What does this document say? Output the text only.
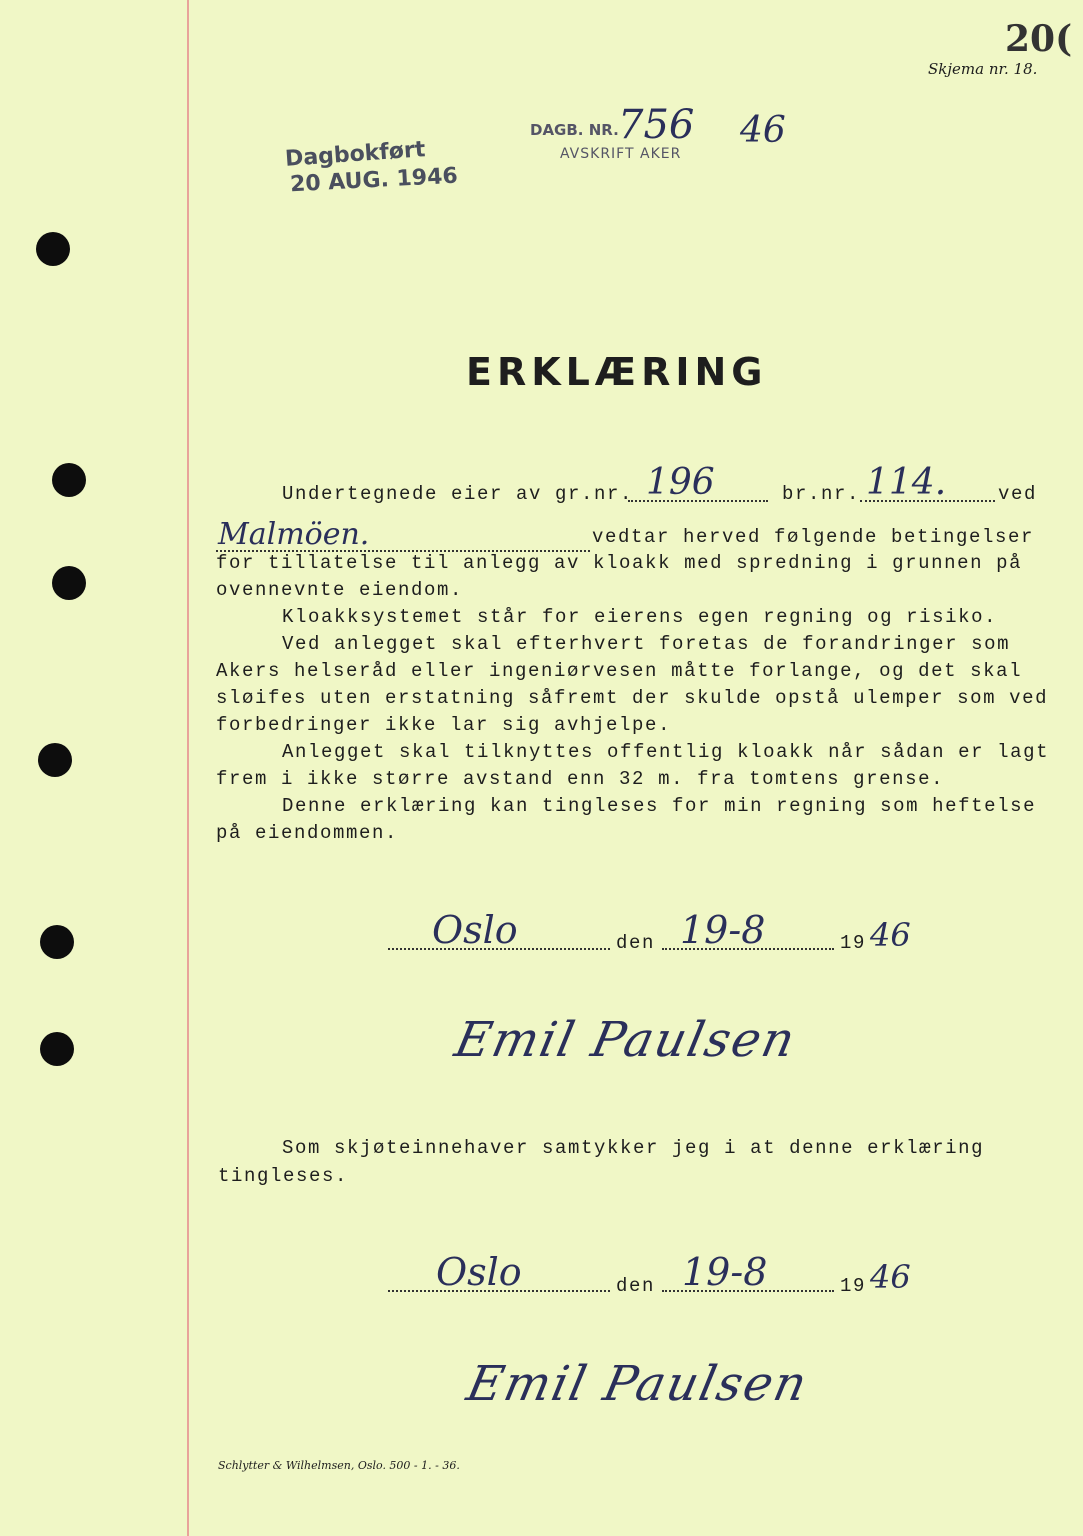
20(
Skjema nr. 18.
DAGB. NR. 756 46
AVSKRIFT AKER
Dagbokført
20 AUG. 1946
ERKLÆRING
Undertegnede eier av gr.nr. 196	br.nr. 114.	ved
Malmöen.	vedtar herved følgende betingelser
for tillatelse til anlegg av kloakk med spredning i grunnen på
ovennevnte eiendom.
Kloakksystemet står for eierens egen regning og risiko.
Ved anlegget skal efterhvert foretas de forandringer som
Akers helseråd eller ingeniørvesen måtte forlange, og det skal
sløifes uten erstatning såfremt der skulde opstå ulemper som ved
forbedringer ikke lar sig avhjelpe.
Anlegget skal tilknyttes offentlig kloakk når sådan er lagt
frem i ikke større avstand enn 32 m. fra tomtens grense.
Denne erklæring kan tingleses for min regning som heftelse
på eiendommen.
Oslo	den 19-8	19 46
Emil Paulsen
Som skjøteinnehaver samtykker jeg i at denne erklæring
tingleses.
Oslo	den 19-8	19 46
Emil Paulsen
Schlytter & Wilhelmsen, Oslo. 500 - 1. - 36.
